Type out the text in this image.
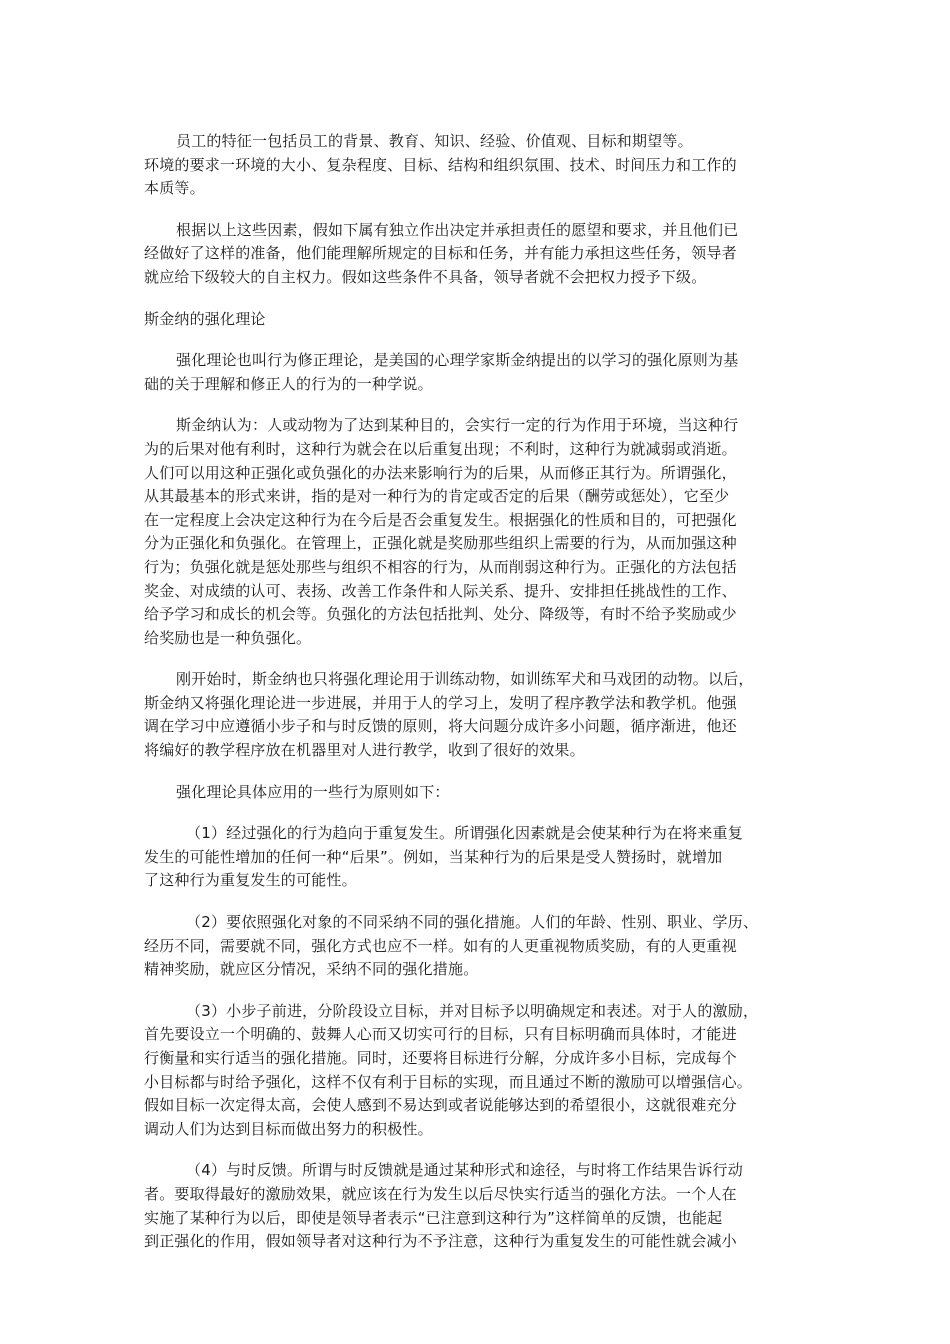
员工的特征一包括员工的背景、教育、知识、经验、价值观、目标和期望等。
环境的要求一环境的大小、复杂程度、目标、结构和组织氛围、技术、时间压力和工作的
本质等。
根据以上这些因素，假如下属有独立作出决定并承担责任的愿望和要求，并且他们已
经做好了这样的准备，他们能理解所规定的目标和任务，并有能力承担这些任务，领导者
就应给下级较大的自主权力。假如这些条件不具备，领导者就不会把权力授予下级。
斯金纳的强化理论
强化理论也叫行为修正理论，是美国的心理学家斯金纳提出的以学习的强化原则为基
础的关于理解和修正人的行为的一种学说。
斯金纳认为：人或动物为了达到某种目的，会实行一定的行为作用于环境，当这种行
为的后果对他有利时，这种行为就会在以后重复出现；不利时，这种行为就减弱或消逝。
人们可以用这种正强化或负强化的办法来影响行为的后果，从而修正其行为。所谓强化，
从其最基本的形式来讲，指的是对一种行为的肯定或否定的后果（酬劳或惩处），它至少
在一定程度上会决定这种行为在今后是否会重复发生。根据强化的性质和目的，可把强化
分为正强化和负强化。在管理上，正强化就是奖励那些组织上需要的行为，从而加强这种
行为；负强化就是惩处那些与组织不相容的行为，从而削弱这种行为。正强化的方法包括
奖金、对成绩的认可、表扬、改善工作条件和人际关系、提升、安排担任挑战性的工作、
给予学习和成长的机会等。负强化的方法包括批判、处分、降级等，有时不给予奖励或少
给奖励也是一种负强化。
刚开始时，斯金纳也只将强化理论用于训练动物，如训练军犬和马戏团的动物。以后，
斯金纳又将强化理论进一步进展，并用于人的学习上，发明了程序教学法和教学机。他强
调在学习中应遵循小步子和与时反馈的原则，将大问题分成许多小问题，循序渐进，他还
将编好的教学程序放在机器里对人进行教学，收到了很好的效果。
强化理论具体应用的一些行为原则如下：
（1）经过强化的行为趋向于重复发生。所谓强化因素就是会使某种行为在将来重复
发生的可能性增加的任何一种“后果”。例如，当某种行为的后果是受人赞扬时，就增加
了这种行为重复发生的可能性。
（2）要依照强化对象的不同采纳不同的强化措施。人们的年龄、性别、职业、学历、
经历不同，需要就不同，强化方式也应不一样。如有的人更重视物质奖励，有的人更重视
精神奖励，就应区分情况，采纳不同的强化措施。
（3）小步子前进，分阶段设立目标，并对目标予以明确规定和表述。对于人的激励，
首先要设立一个明确的、鼓舞人心而又切实可行的目标，只有目标明确而具体时，才能进
行衡量和实行适当的强化措施。同时，还要将目标进行分解，分成许多小目标，完成每个
小目标都与时给予强化，这样不仅有利于目标的实现，而且通过不断的激励可以增强信心。
假如目标一次定得太高，会使人感到不易达到或者说能够达到的希望很小，这就很难充分
调动人们为达到目标而做出努力的积极性。
（4）与时反馈。所谓与时反馈就是通过某种形式和途径，与时将工作结果告诉行动
者。要取得最好的激励效果，就应该在行为发生以后尽快实行适当的强化方法。一个人在
实施了某种行为以后，即使是领导者表示“已注意到这种行为”这样简单的反馈，也能起
到正强化的作用，假如领导者对这种行为不予注意，这种行为重复发生的可能性就会减小
